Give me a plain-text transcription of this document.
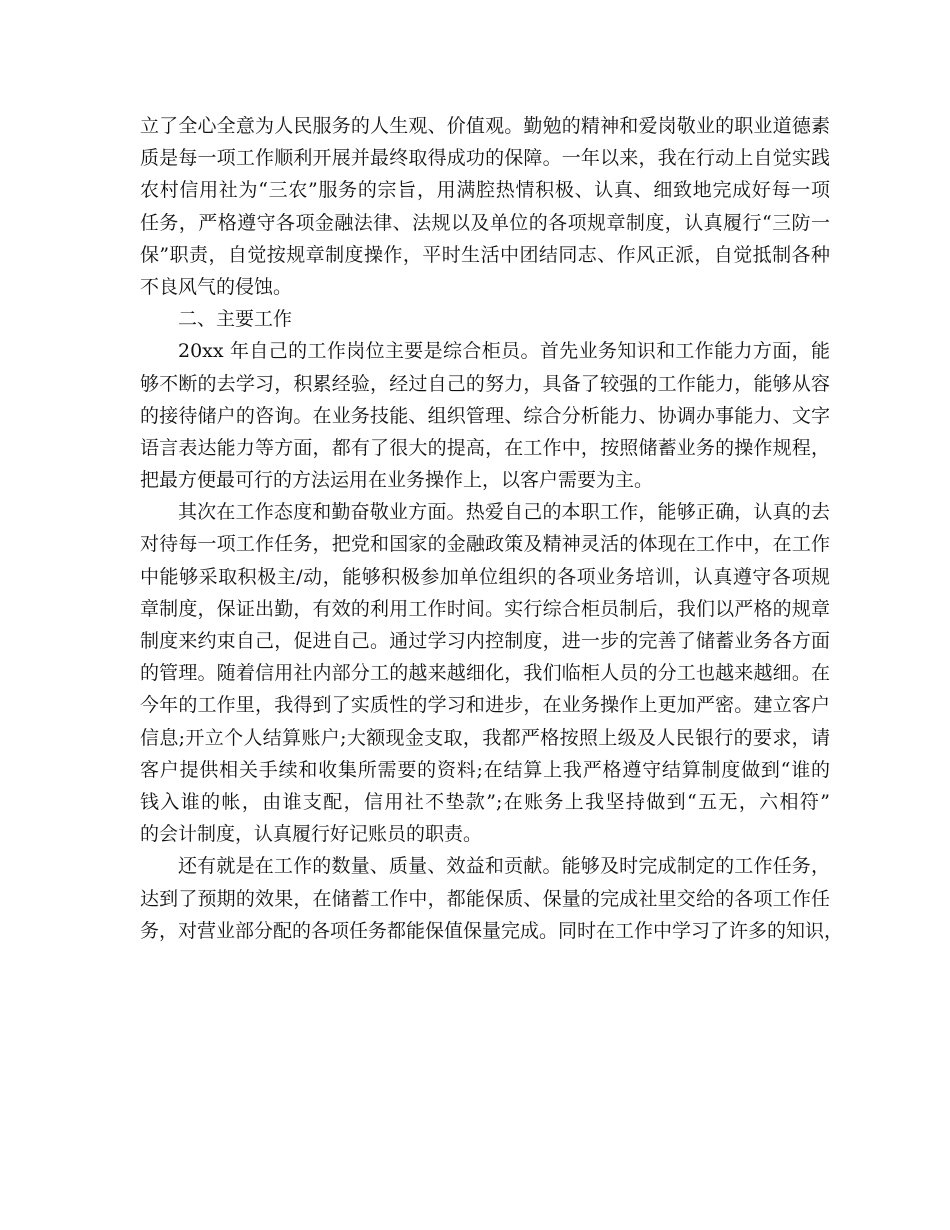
立了全心全意为人民服务的人生观、价值观。勤勉的精神和爱岗敬业的职业道德素
质是每一项工作顺利开展并最终取得成功的保障。一年以来，我在行动上自觉实践
农村信用社为“三农”服务的宗旨，用满腔热情积极、认真、细致地完成好每一项
任务，严格遵守各项金融法律、法规以及单位的各项规章制度，认真履行“三防一
保”职责，自觉按规章制度操作，平时生活中团结同志、作风正派，自觉抵制各种
不良风气的侵蚀。
二、主要工作
20xx 年自己的工作岗位主要是综合柜员。首先业务知识和工作能力方面，能
够不断的去学习，积累经验，经过自己的努力，具备了较强的工作能力，能够从容
的接待储户的咨询。在业务技能、组织管理、综合分析能力、协调办事能力、文字
语言表达能力等方面，都有了很大的提高，在工作中，按照储蓄业务的操作规程，
把最方便最可行的方法运用在业务操作上，以客户需要为主。
其次在工作态度和勤奋敬业方面。热爱自己的本职工作，能够正确，认真的去
对待每一项工作任务，把党和国家的金融政策及精神灵活的体现在工作中，在工作
中能够采取积极主/动，能够积极参加单位组织的各项业务培训，认真遵守各项规
章制度，保证出勤，有效的利用工作时间。实行综合柜员制后，我们以严格的规章
制度来约束自己，促进自己。通过学习内控制度，进一步的完善了储蓄业务各方面
的管理。随着信用社内部分工的越来越细化，我们临柜人员的分工也越来越细。在
今年的工作里，我得到了实质性的学习和进步，在业务操作上更加严密。建立客户
信息;开立个人结算账户;大额现金支取，我都严格按照上级及人民银行的要求，请
客户提供相关手续和收集所需要的资料;在结算上我严格遵守结算制度做到“谁的
钱入谁的帐，由谁支配，信用社不垫款”;在账务上我坚持做到“五无，六相符”
的会计制度，认真履行好记账员的职责。
还有就是在工作的数量、质量、效益和贡献。能够及时完成制定的工作任务，
达到了预期的效果，在储蓄工作中，都能保质、保量的完成社里交给的各项工作任
务，对营业部分配的各项任务都能保值保量完成。同时在工作中学习了许多的知识，
